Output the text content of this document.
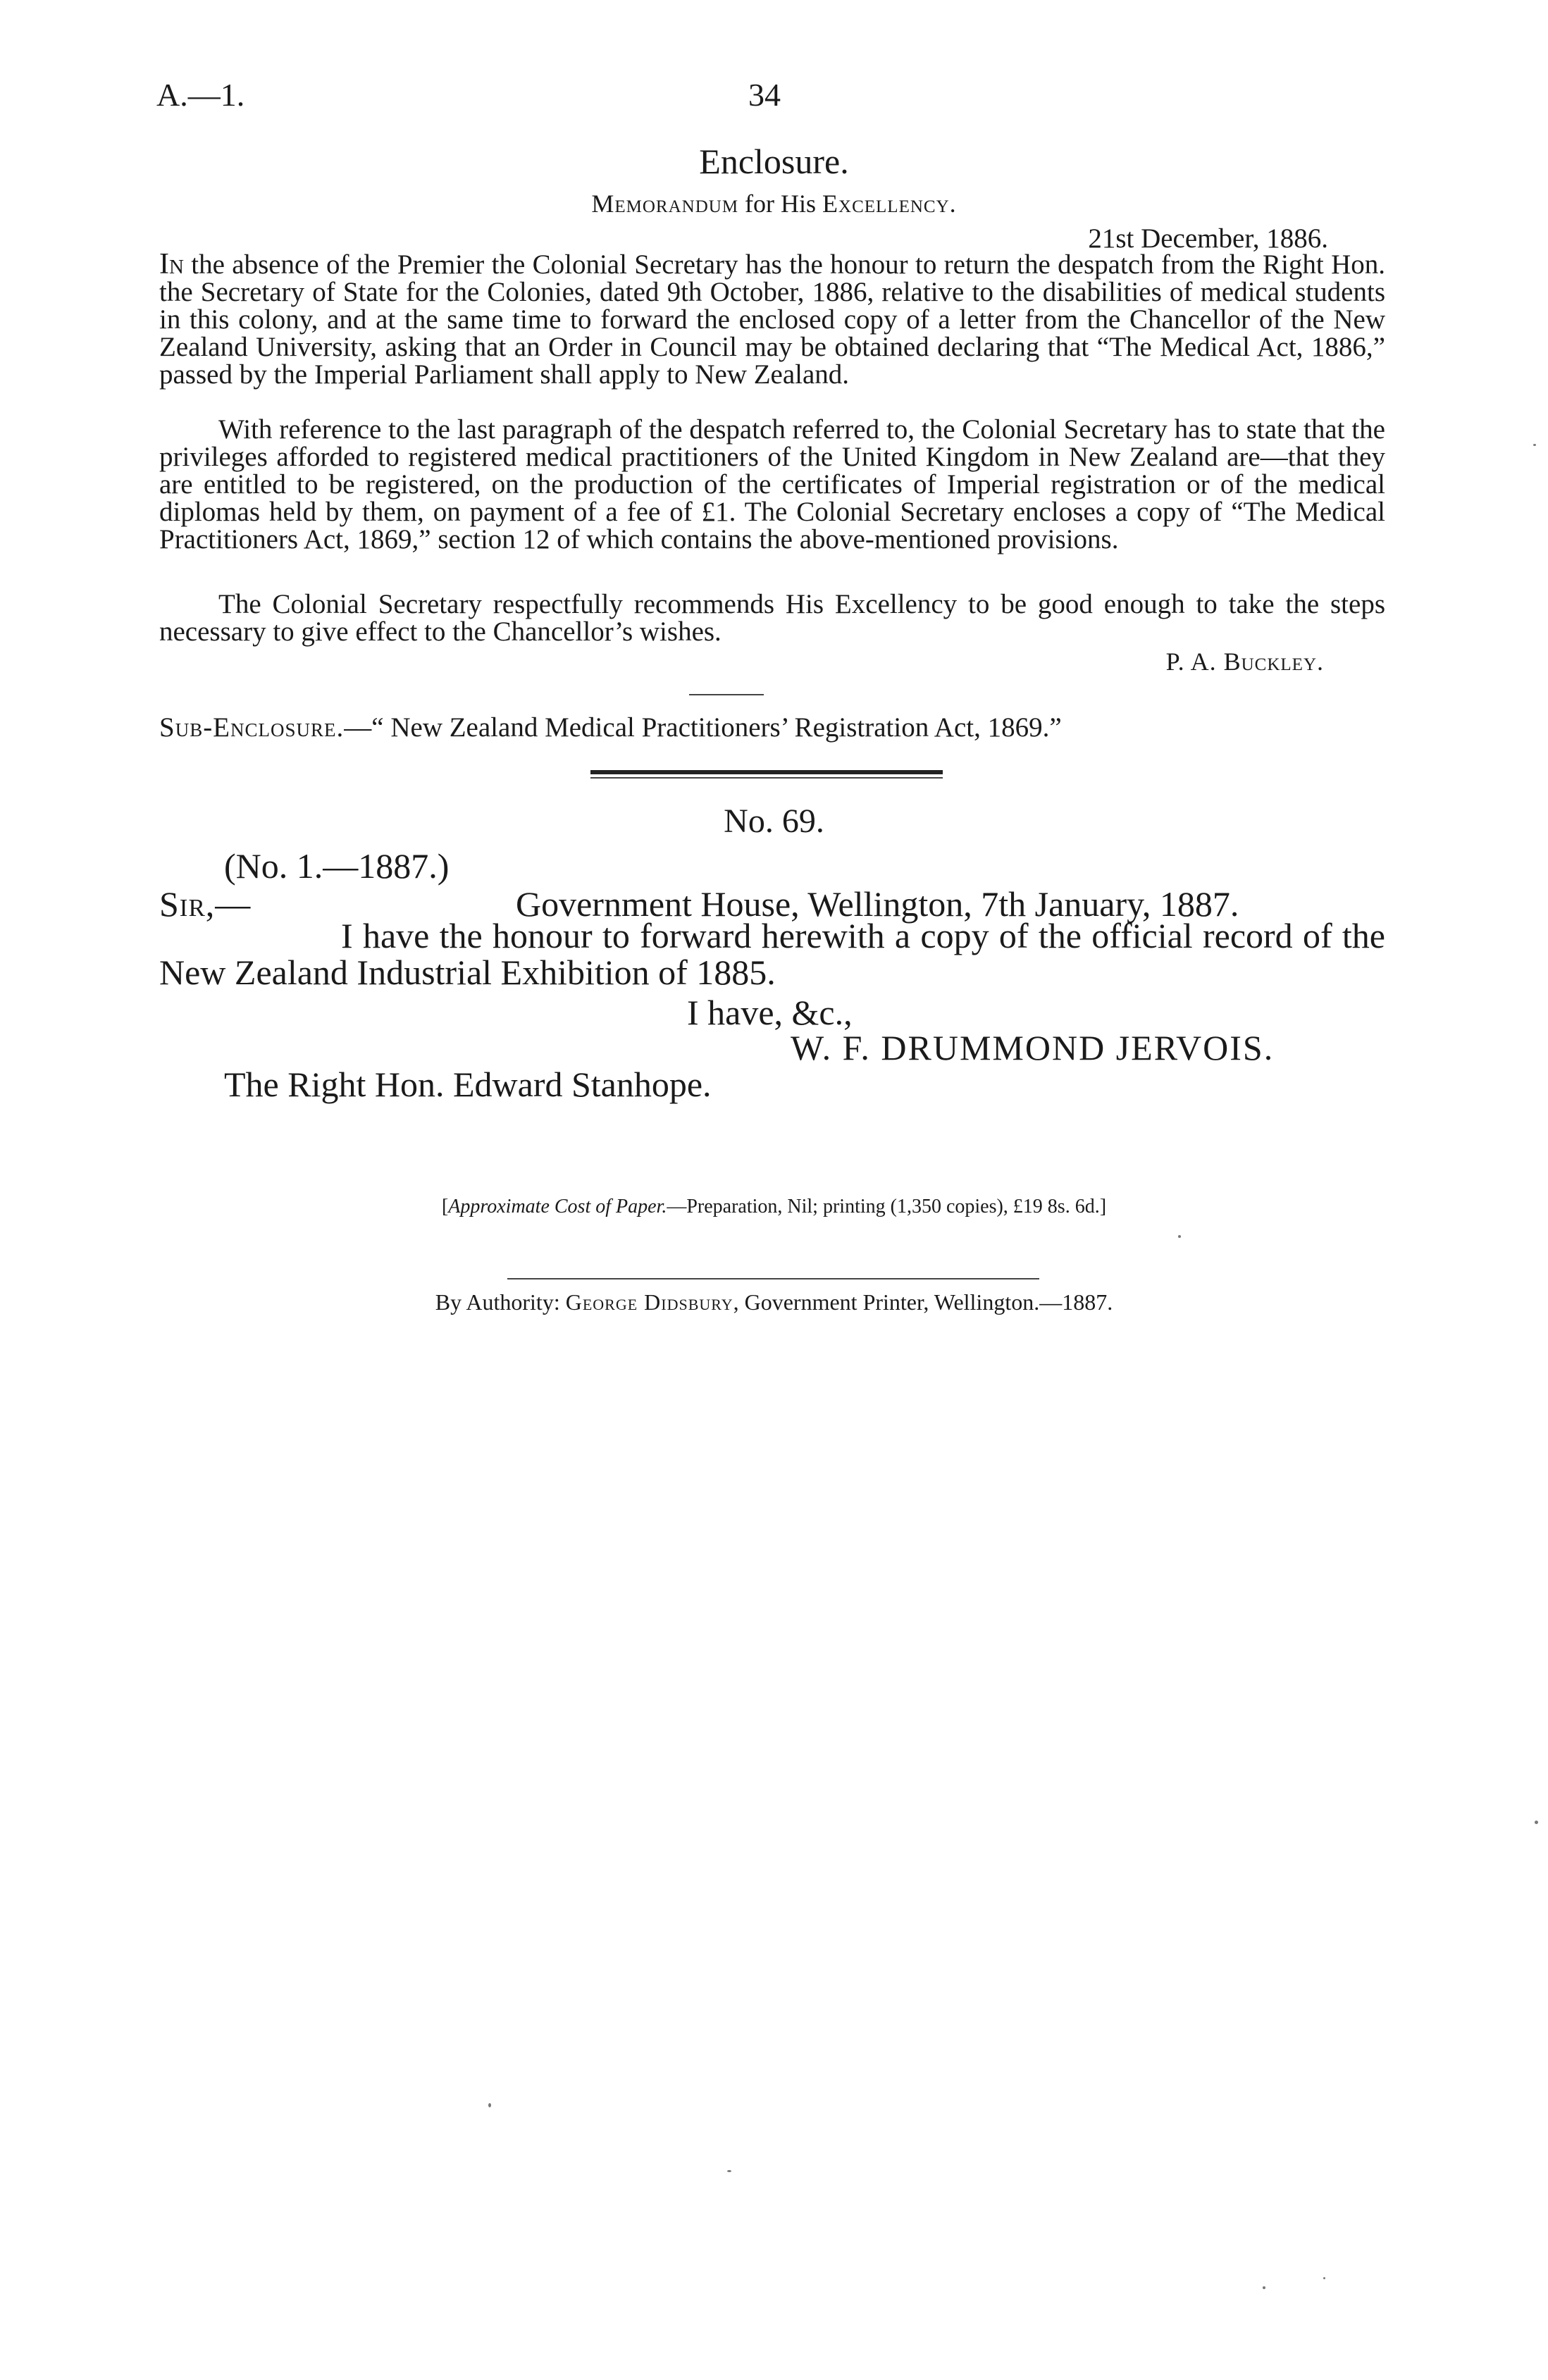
A.—1.	34
Enclosure.
Memorandum for His Excellency.
21st December, 1886.
In the absence of the Premier the Colonial Secretary has the honour to return the despatch from the Right Hon. the Secretary of State for the Colonies, dated 9th October, 1886, relative to the disabilities of medical students in this colony, and at the same time to forward the enclosed copy of a letter from the Chancellor of the New Zealand University, asking that an Order in Council may be obtained declaring that “The Medical Act, 1886,” passed by the Imperial Parliament shall apply to New Zealand.
With reference to the last paragraph of the despatch referred to, the Colonial Secretary has to state that the privileges afforded to registered medical practitioners of the United Kingdom in New Zealand are—that they are entitled to be registered, on the production of the certificates of Imperial registration or of the medical diplomas held by them, on payment of a fee of £1. The Colonial Secretary encloses a copy of “The Medical Practitioners Act, 1869,” section 12 of which contains the above-mentioned provisions.
The Colonial Secretary respectfully recommends His Excellency to be good enough to take the steps necessary to give effect to the Chancellor’s wishes.
P. A. Buckley.
Sub-Enclosure.—“ New Zealand Medical Practitioners’ Registration Act, 1869.”
No. 69.
(No. 1.—1887.)
Sir,—	Government House, Wellington, 7th January, 1887.
I have the honour to forward herewith a copy of the official record of the New Zealand Industrial Exhibition of 1885.
I have, &c.,
W. F. DRUMMOND JERVOIS.
The Right Hon. Edward Stanhope.
[Approximate Cost of Paper.—Preparation, Nil; printing (1,350 copies), £19 8s. 6d.]
By Authority: George Didsbury, Government Printer, Wellington.—1887.
